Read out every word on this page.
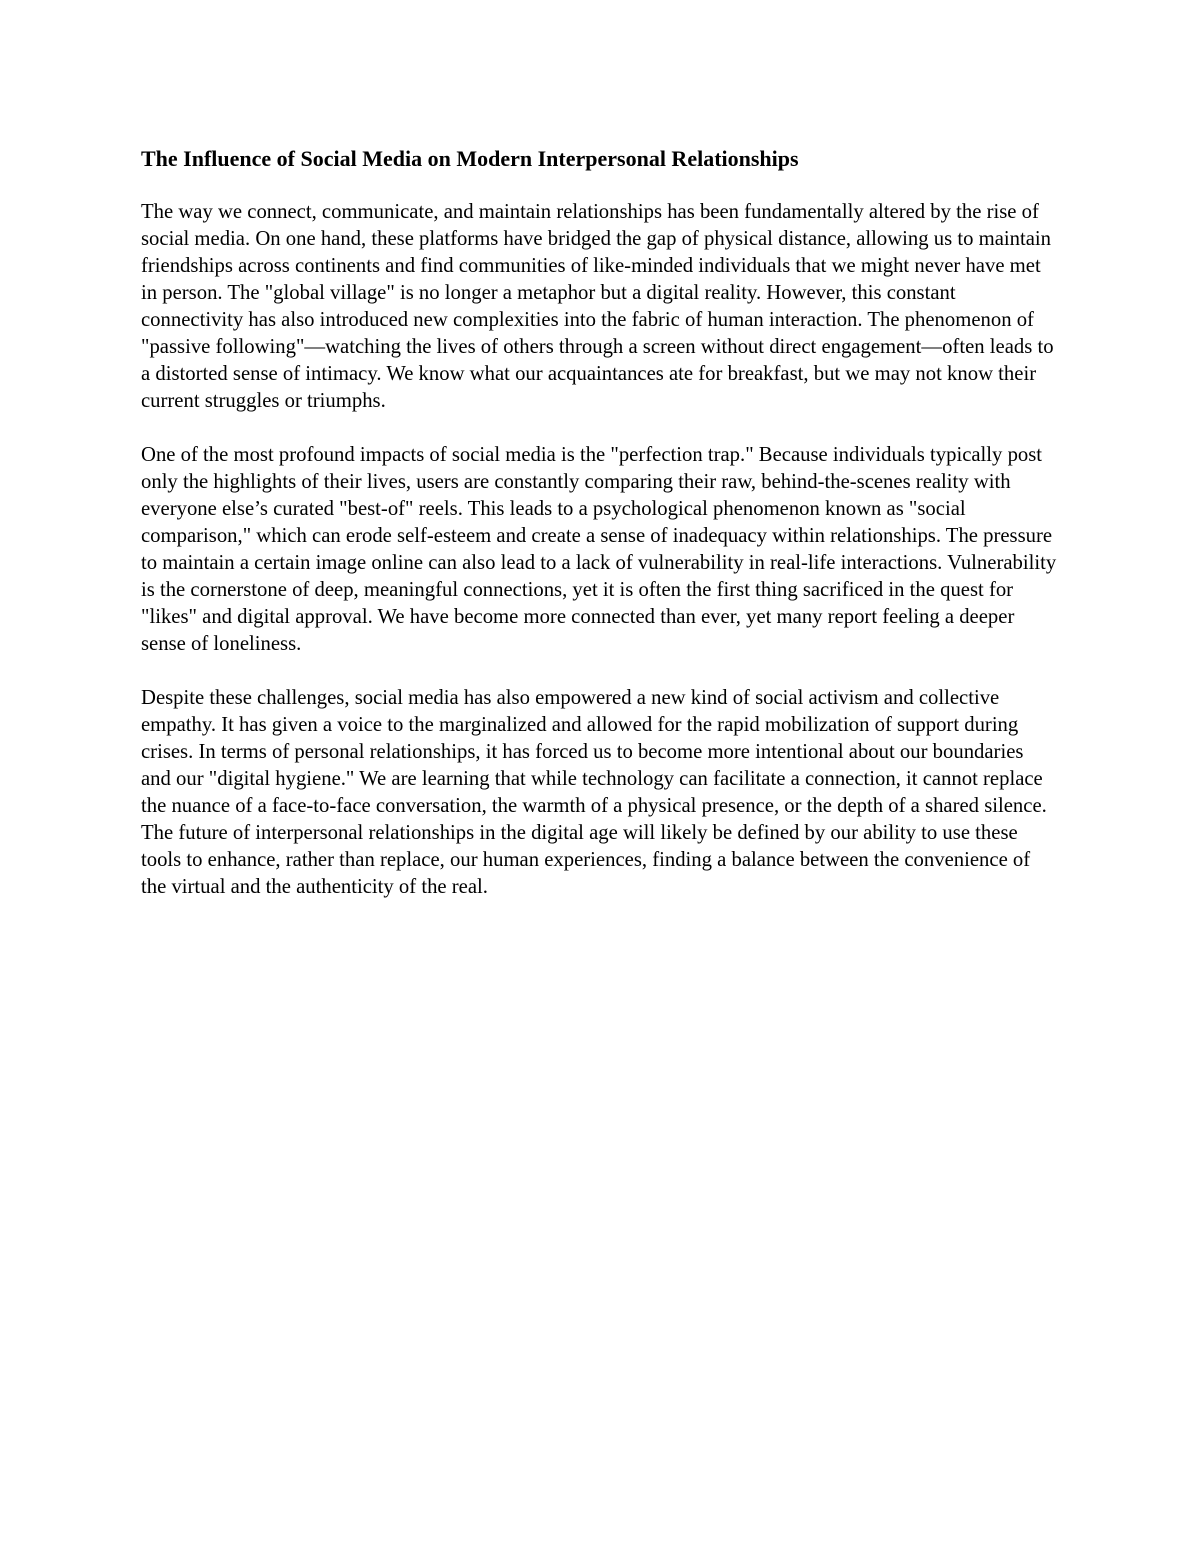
The Influence of Social Media on Modern Interpersonal Relationships

The way we connect, communicate, and maintain relationships has been fundamentally altered by the rise of social media. On one hand, these platforms have bridged the gap of physical distance, allowing us to maintain friendships across continents and find communities of like-minded individuals that we might never have met in person. The "global village" is no longer a metaphor but a digital reality. However, this constant connectivity has also introduced new complexities into the fabric of human interaction. The phenomenon of "passive following"—watching the lives of others through a screen without direct engagement—often leads to a distorted sense of intimacy. We know what our acquaintances ate for breakfast, but we may not know their current struggles or triumphs.

One of the most profound impacts of social media is the "perfection trap." Because individuals typically post only the highlights of their lives, users are constantly comparing their raw, behind-the-scenes reality with everyone else’s curated "best-of" reels. This leads to a psychological phenomenon known as "social comparison," which can erode self-esteem and create a sense of inadequacy within relationships. The pressure to maintain a certain image online can also lead to a lack of vulnerability in real-life interactions. Vulnerability is the cornerstone of deep, meaningful connections, yet it is often the first thing sacrificed in the quest for "likes" and digital approval. We have become more connected than ever, yet many report feeling a deeper sense of loneliness.

Despite these challenges, social media has also empowered a new kind of social activism and collective empathy. It has given a voice to the marginalized and allowed for the rapid mobilization of support during crises. In terms of personal relationships, it has forced us to become more intentional about our boundaries and our "digital hygiene." We are learning that while technology can facilitate a connection, it cannot replace the nuance of a face-to-face conversation, the warmth of a physical presence, or the depth of a shared silence. The future of interpersonal relationships in the digital age will likely be defined by our ability to use these tools to enhance, rather than replace, our human experiences, finding a balance between the convenience of the virtual and the authenticity of the real.
